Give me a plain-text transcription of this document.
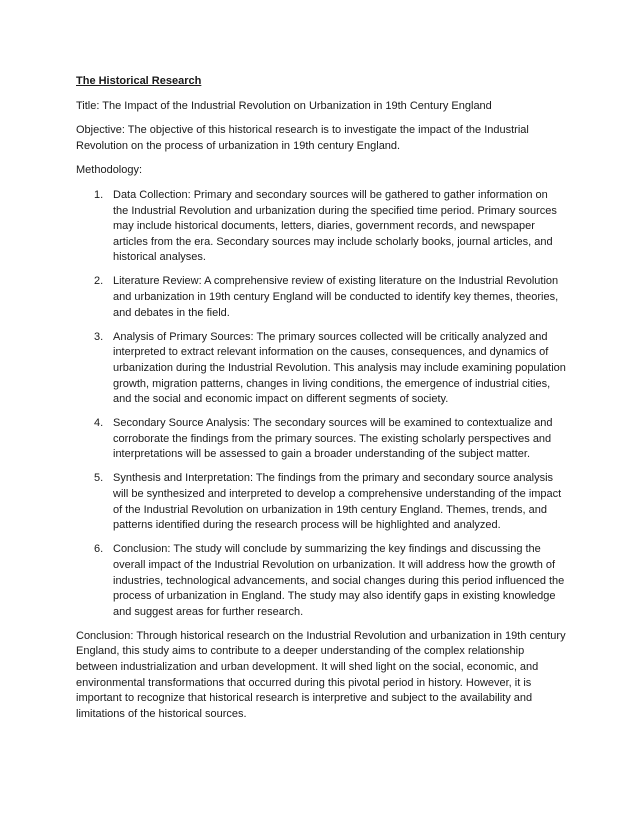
The Historical Research
Title: The Impact of the Industrial Revolution on Urbanization in 19th Century England
Objective: The objective of this historical research is to investigate the impact of the Industrial Revolution on the process of urbanization in 19th century England.
Methodology:
1. Data Collection: Primary and secondary sources will be gathered to gather information on the Industrial Revolution and urbanization during the specified time period. Primary sources may include historical documents, letters, diaries, government records, and newspaper articles from the era. Secondary sources may include scholarly books, journal articles, and historical analyses.
2. Literature Review: A comprehensive review of existing literature on the Industrial Revolution and urbanization in 19th century England will be conducted to identify key themes, theories, and debates in the field.
3. Analysis of Primary Sources: The primary sources collected will be critically analyzed and interpreted to extract relevant information on the causes, consequences, and dynamics of urbanization during the Industrial Revolution. This analysis may include examining population growth, migration patterns, changes in living conditions, the emergence of industrial cities, and the social and economic impact on different segments of society.
4. Secondary Source Analysis: The secondary sources will be examined to contextualize and corroborate the findings from the primary sources. The existing scholarly perspectives and interpretations will be assessed to gain a broader understanding of the subject matter.
5. Synthesis and Interpretation: The findings from the primary and secondary source analysis will be synthesized and interpreted to develop a comprehensive understanding of the impact of the Industrial Revolution on urbanization in 19th century England. Themes, trends, and patterns identified during the research process will be highlighted and analyzed.
6. Conclusion: The study will conclude by summarizing the key findings and discussing the overall impact of the Industrial Revolution on urbanization. It will address how the growth of industries, technological advancements, and social changes during this period influenced the process of urbanization in England. The study may also identify gaps in existing knowledge and suggest areas for further research.
Conclusion: Through historical research on the Industrial Revolution and urbanization in 19th century England, this study aims to contribute to a deeper understanding of the complex relationship between industrialization and urban development. It will shed light on the social, economic, and environmental transformations that occurred during this pivotal period in history. However, it is important to recognize that historical research is interpretive and subject to the availability and limitations of the historical sources.
